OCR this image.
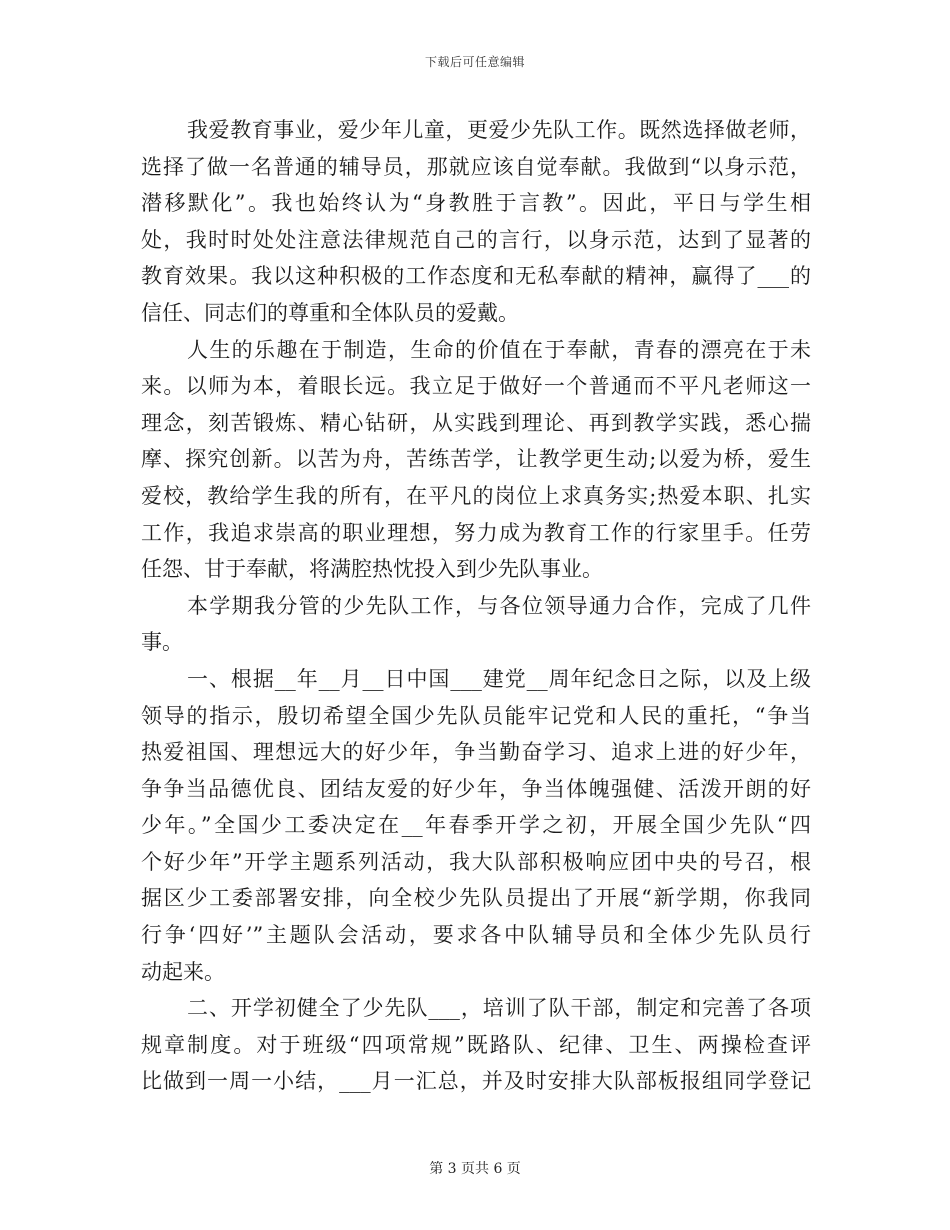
下载后可任意编辑
我爱教育事业，爱少年儿童，更爱少先队工作。既然选择做老师，
选择了做一名普通的辅导员，那就应该自觉奉献。我做到“以身示范，
潜移默化”。我也始终认为“身教胜于言教”。因此，平日与学生相
处，我时时处处注意法律规范自己的言行，以身示范，达到了显著的
教育效果。我以这种积极的工作态度和无私奉献的精神，赢得了___的
信任、同志们的尊重和全体队员的爱戴。
人生的乐趣在于制造，生命的价值在于奉献，青春的漂亮在于未
来。以师为本，着眼长远。我立足于做好一个普通而不平凡老师这一
理念，刻苦锻炼、精心钻研，从实践到理论、再到教学实践，悉心揣
摩、探究创新。以苦为舟，苦练苦学，让教学更生动;以爱为桥，爱生
爱校，教给学生我的所有，在平凡的岗位上求真务实;热爱本职、扎实
工作，我追求崇高的职业理想，努力成为教育工作的行家里手。任劳
任怨、甘于奉献，将满腔热忱投入到少先队事业。
本学期我分管的少先队工作，与各位领导通力合作，完成了几件
事。
一、根据__年__月__日中国___建党__周年纪念日之际，以及上级
领导的指示，殷切希望全国少先队员能牢记党和人民的重托，“争当
热爱祖国、理想远大的好少年，争当勤奋学习、追求上进的好少年，
争争当品德优良、团结友爱的好少年，争当体魄强健、活泼开朗的好
少年。”全国少工委决定在__年春季开学之初，开展全国少先队“四
个好少年”开学主题系列活动，我大队部积极响应团中央的号召，根
据区少工委部署安排，向全校少先队员提出了开展“新学期，你我同
行争‘四好’”主题队会活动，要求各中队辅导员和全体少先队员行
动起来。
二、开学初健全了少先队___，培训了队干部，制定和完善了各项
规章制度。对于班级“四项常规”既路队、纪律、卫生、两操检查评
比做到一周一小结，___月一汇总，并及时安排大队部板报组同学登记
第 3 页共 6 页
